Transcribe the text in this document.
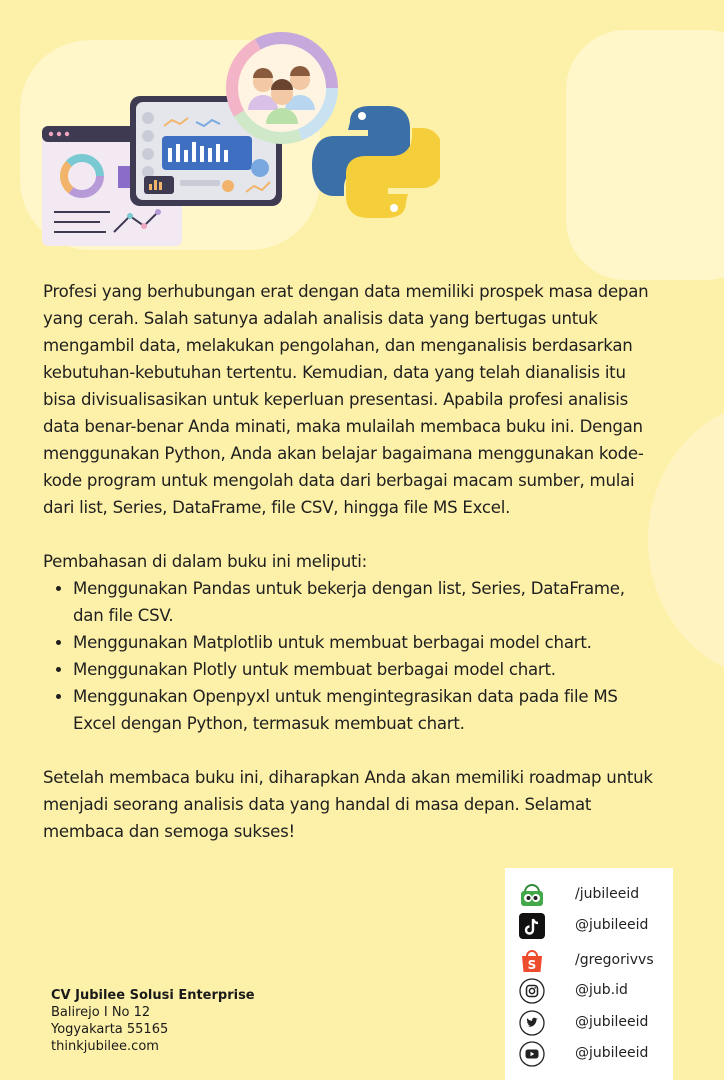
Profesi yang berhubungan erat dengan data memiliki prospek masa depan yang cerah. Salah satunya adalah analisis data yang bertugas untuk mengambil data, melakukan pengolahan, dan menganalisis berdasarkan kebutuhan-kebutuhan tertentu. Kemudian, data yang telah dianalisis itu bisa divisualisasikan untuk keperluan presentasi. Apabila profesi analisis data benar-benar Anda minati, maka mulailah membaca buku ini. Dengan menggunakan Python, Anda akan belajar bagaimana menggunakan kode-kode program untuk mengolah data dari berbagai macam sumber, mulai dari list, Series, DataFrame, file CSV, hingga file MS Excel.

Pembahasan di dalam buku ini meliputi:

• Menggunakan Pandas untuk bekerja dengan list, Series, DataFrame, dan file CSV.
• Menggunakan Matplotlib untuk membuat berbagai model chart.
• Menggunakan Plotly untuk membuat berbagai model chart.
• Menggunakan Openpyxl untuk mengintegrasikan data pada file MS Excel dengan Python, termasuk membuat chart.

Setelah membaca buku ini, diharapkan Anda akan memiliki roadmap untuk menjadi seorang analisis data yang handal di masa depan. Selamat membaca dan semoga sukses!

CV Jubilee Solusi Enterprise
Balirejo I No 12
Yogyakarta 55165
thinkjubilee.com
/jubileeid
@jubileeid
S	/gregorivvs
@jub.id
@jubileeid
@jubileeid
